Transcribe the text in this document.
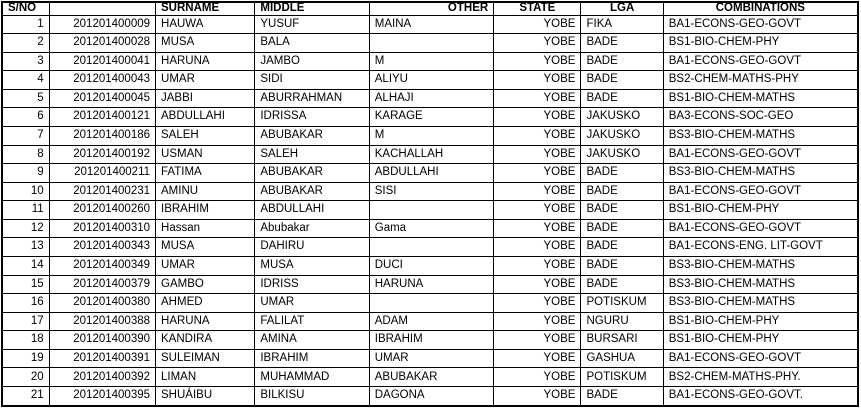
S/NO		SURNAME	MIDDLE	OTHER	STATE	LGA	COMBINATIONS
1	201201400009	HAUWA	YUSUF	MAINA	YOBE	FIKA	BA1-ECONS-GEO-GOVT
2	201201400028	MUSA	BALA		YOBE	BADE	BS1-BIO-CHEM-PHY
3	201201400041	HARUNA	JAMBO	M	YOBE	BADE	BA1-ECONS-GEO-GOVT
4	201201400043	UMAR	SIDI	ALIYU	YOBE	BADE	BS2-CHEM-MATHS-PHY
5	201201400045	JABBI	ABURRAHMAN	ALHAJI	YOBE	BADE	BS1-BIO-CHEM-MATHS
6	201201400121	ABDULLAHI	IDRISSA	KARAGE	YOBE	JAKUSKO	BA3-ECONS-SOC-GEO
7	201201400186	SALEH	ABUBAKAR	M	YOBE	JAKUSKO	BS3-BIO-CHEM-MATHS
8	201201400192	USMAN	SALEH	KACHALLAH	YOBE	JAKUSKO	BA1-ECONS-GEO-GOVT
9	201201400211	FATIMA	ABUBAKAR	ABDULLAHI	YOBE	BADE	BS3-BIO-CHEM-MATHS
10	201201400231	AMINU	ABUBAKAR	SISI	YOBE	BADE	BA1-ECONS-GEO-GOVT
11	201201400260	IBRAHIM	ABDULLAHI		YOBE	BADE	BS1-BIO-CHEM-PHY
12	201201400310	Hassan	Abubakar	Gama	YOBE	BADE	BA1-ECONS-GEO-GOVT
13	201201400343	MUSA	DAHIRU		YOBE	BADE	BA1-ECONS-ENG. LIT-GOVT
14	201201400349	UMAR	MUSA	DUCI	YOBE	BADE	BS3-BIO-CHEM-MATHS
15	201201400379	GAMBO	IDRISS	HARUNA	YOBE	BADE	BS3-BIO-CHEM-MATHS
16	201201400380	AHMED	UMAR		YOBE	POTISKUM	BS3-BIO-CHEM-MATHS
17	201201400388	HARUNA	FALILAT	ADAM	YOBE	NGURU	BS1-BIO-CHEM-PHY
18	201201400390	KANDIRA	AMINA	IBRAHIM	YOBE	BURSARI	BS1-BIO-CHEM-PHY
19	201201400391	SULEIMAN	IBRAHIM	UMAR	YOBE	GASHUA	BA1-ECONS-GEO-GOVT
20	201201400392	LIMAN	MUHAMMAD	ABUBAKAR	YOBE	POTISKUM	BS2-CHEM-MATHS-PHY.
21	201201400395	SHUÁIBU	BILKISU	DAGONA	YOBE	BADE	BA1-ECONS-GEO-GOVT.
